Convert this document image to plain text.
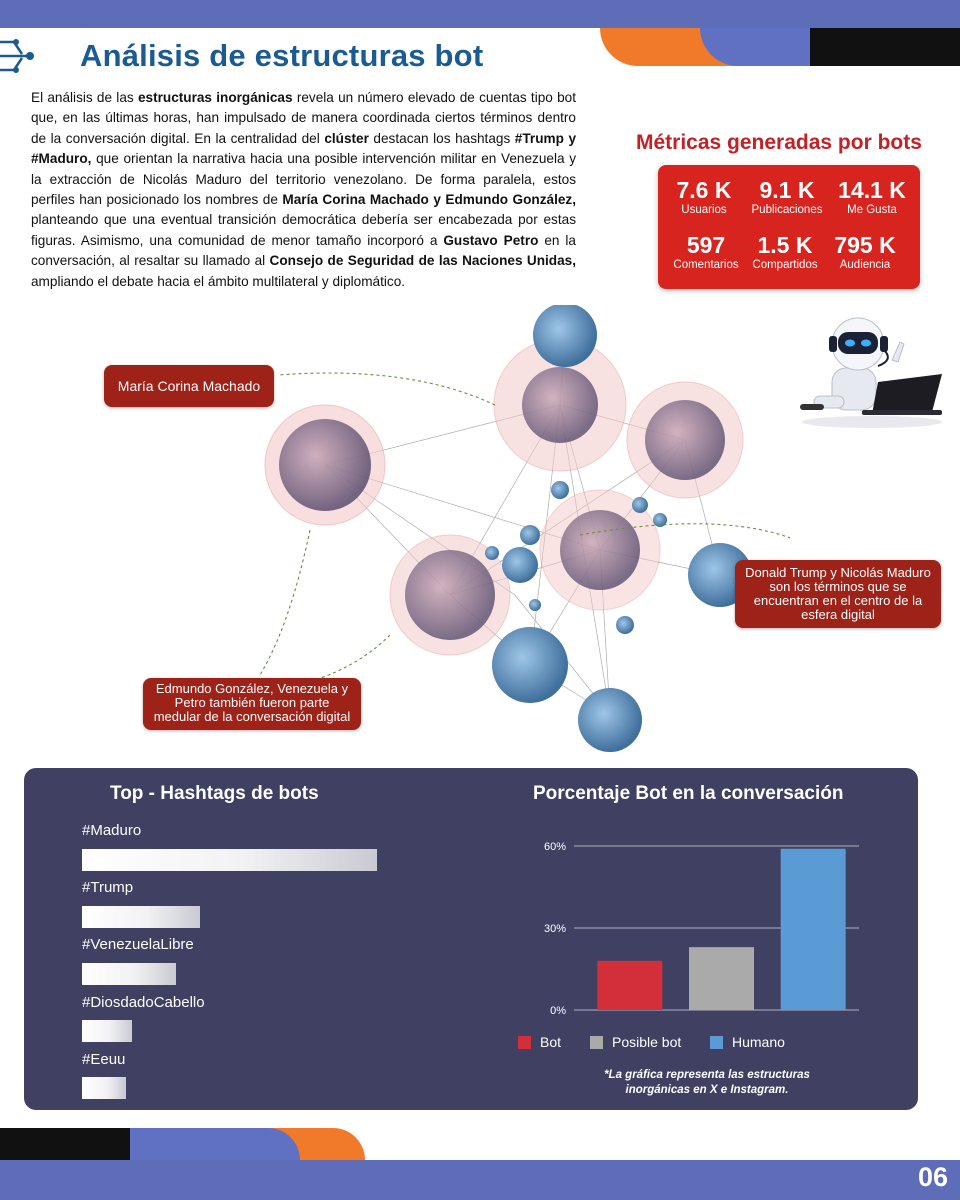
Análisis de estructuras bot

El análisis de las estructuras inorgánicas revela un número elevado de cuentas tipo bot que, en las últimas horas, han impulsado de manera coordinada ciertos términos dentro de la conversación digital. En la centralidad del clúster destacan los hashtags #Trump y #Maduro, que orientan la narrativa hacia una posible intervención militar en Venezuela y la extracción de Nicolás Maduro del territorio venezolano. De forma paralela, estos perfiles han posicionado los nombres de María Corina Machado y Edmundo González, planteando que una eventual transición democrática debería ser encabezada por estas figuras. Asimismo, una comunidad de menor tamaño incorporó a Gustavo Petro en la conversación, al resaltar su llamado al Consejo de Seguridad de las Naciones Unidas, ampliando el debate hacia el ámbito multilateral y diplomático.

Métricas generadas por bots
7.6 K
Usuarios
9.1 K
Publicaciones
14.1 K
Me Gusta
597
Comentarios
1.5 K
Compartidos
795 K
Audiencia
María Corina Machado
Donald Trump y Nicolás Maduro son los términos que se encuentran en el centro de la esfera digital
Edmundo González, Venezuela y Petro también fueron parte medular de la conversación digital
Top - Hashtags de bots
#Maduro
#Trump
#VenezuelaLibre
#DiosdadoCabello
#Eeuu
Porcentaje Bot en la conversación
0%
30%
60%
Bot	Posible bot	Humano
*La gráfica representa las estructuras inorgánicas en X e Instagram.
06
